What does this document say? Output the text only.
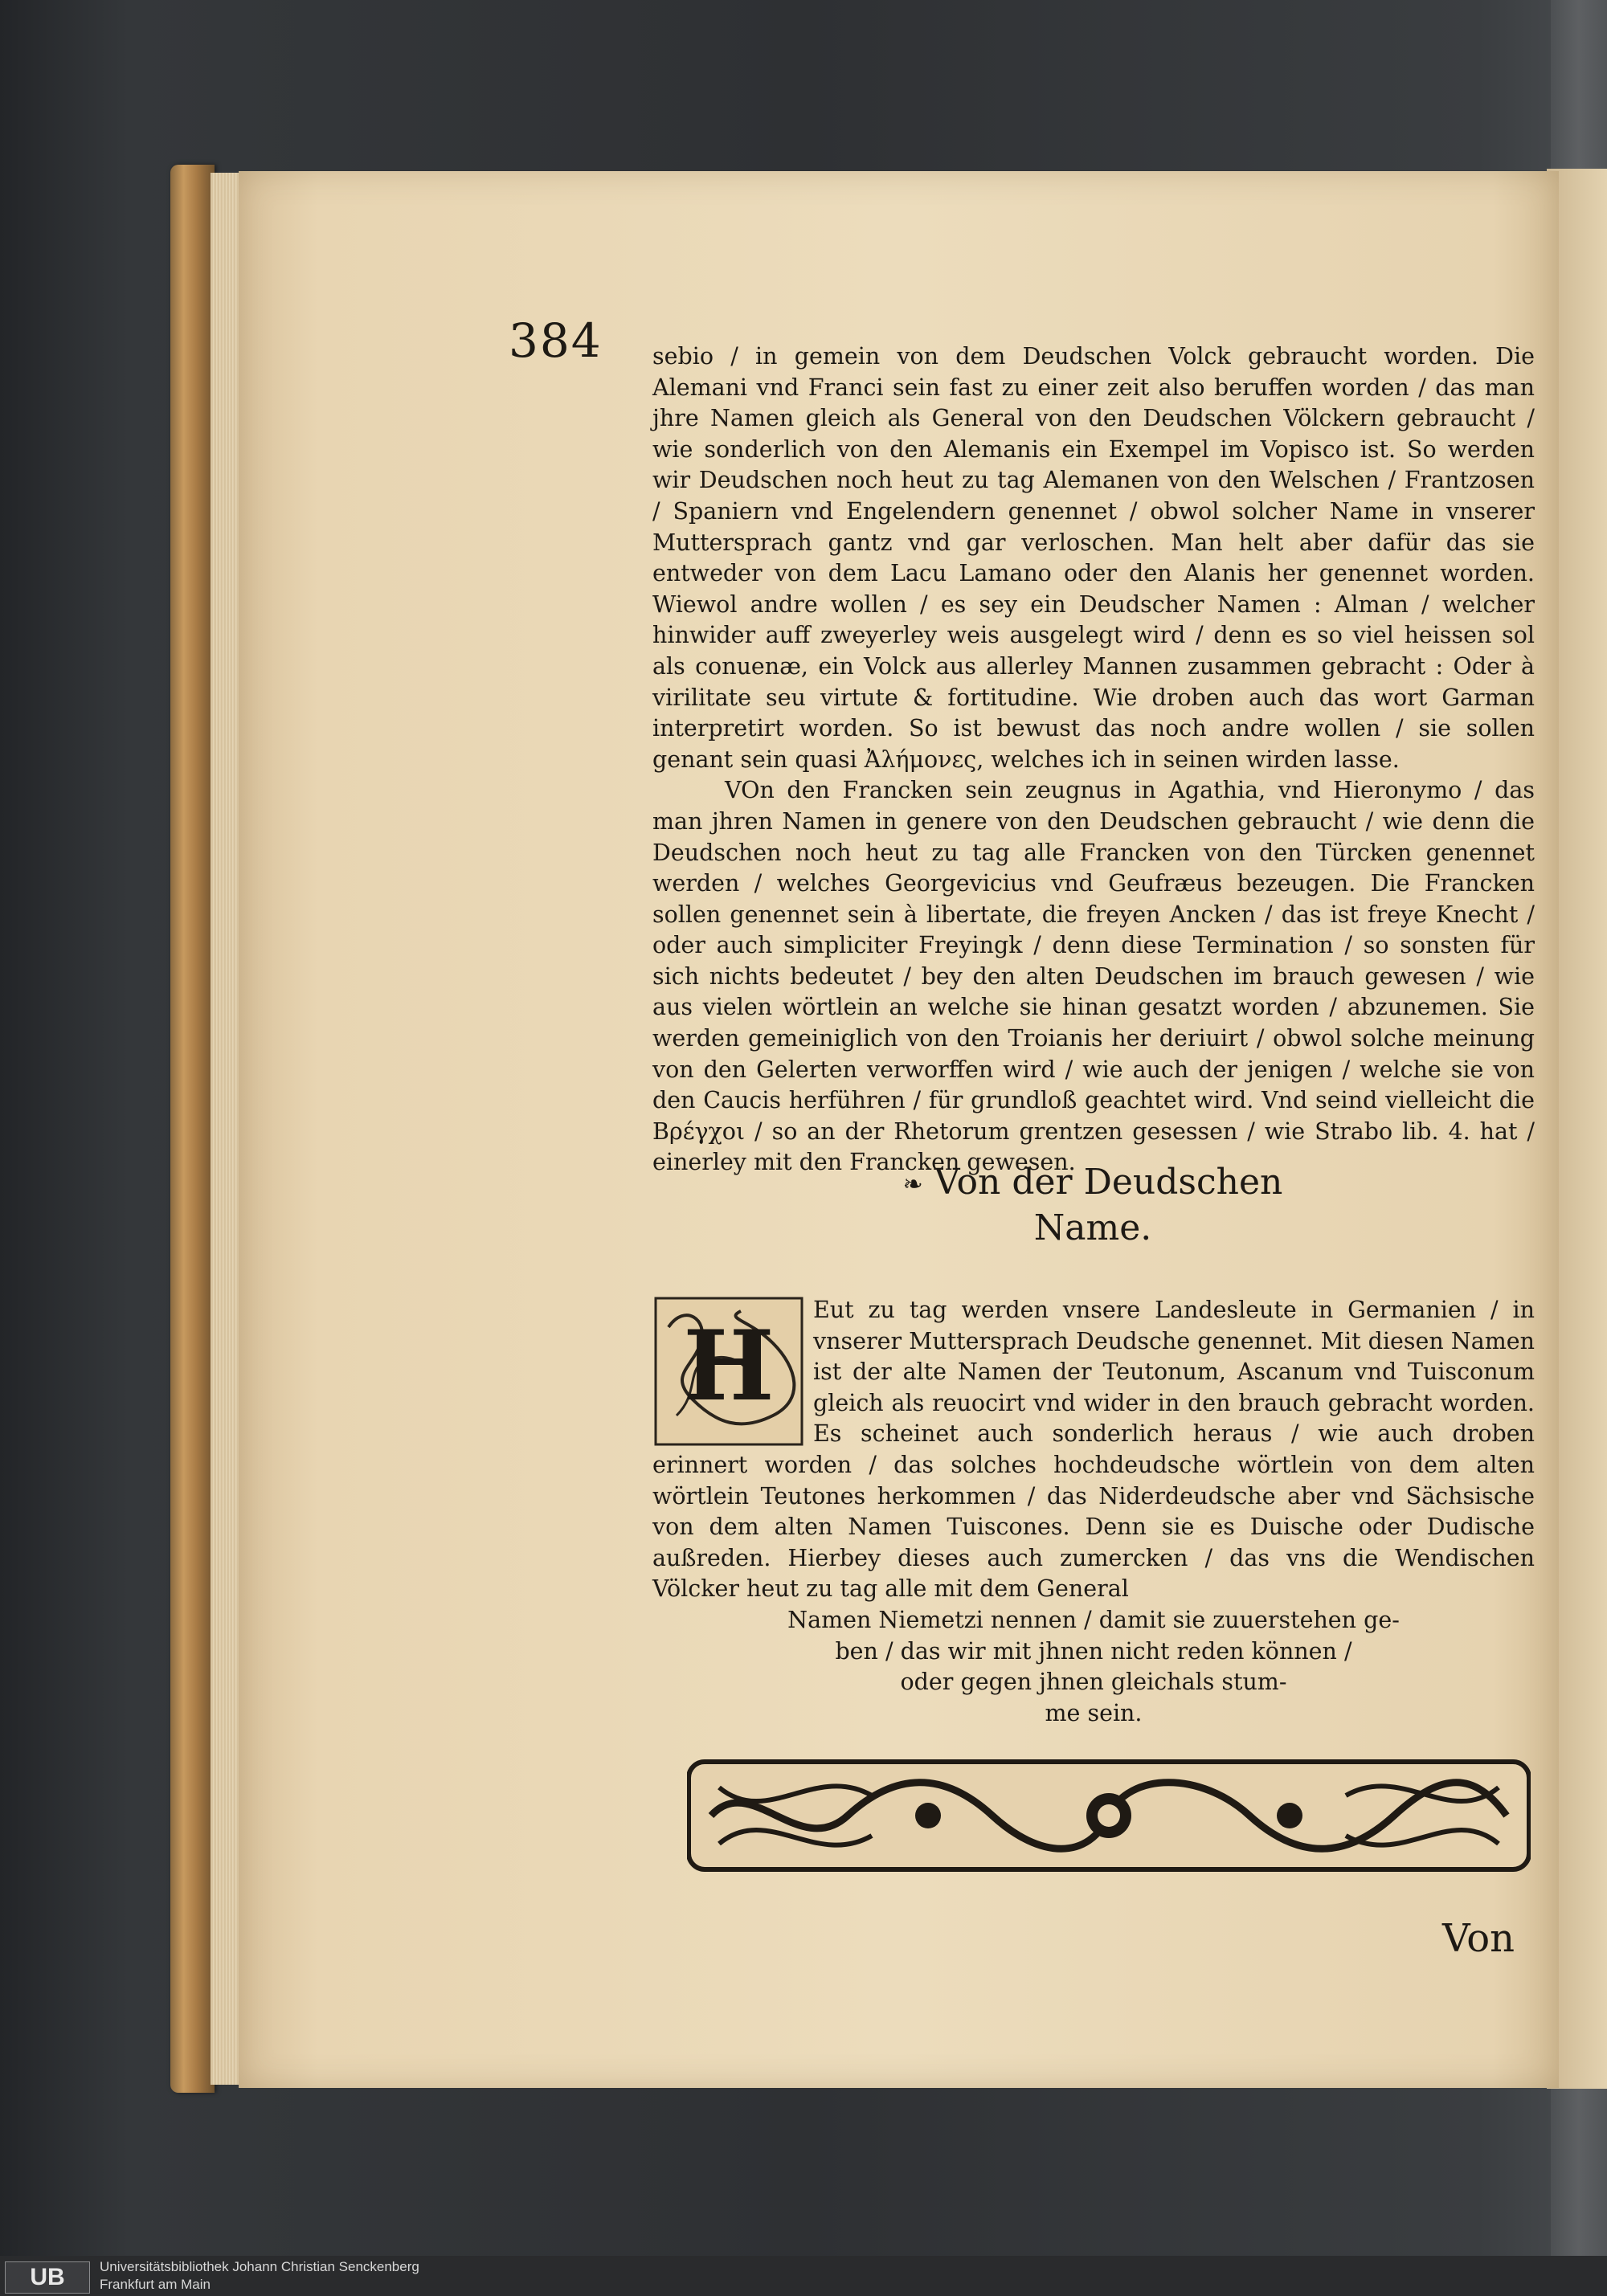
384 sebio / in gemein von dem Deudschen Volck gebraucht worden. Die Alemani vnd Franci sein fast zu einer zeit also beruffen worden / das man jhre Namen gleich als General von den Deudschen Völckern gebraucht / wie sonderlich von den Alemanis ein Exempel im Vopisco ist. So werden wir Deudschen noch heut zu tag Alemanen von den Welschen / Frantzosen / Spaniern vnd Engelendern genennet / obwol solcher Name in vnserer Muttersprach gantz vnd gar verloschen. Man helt aber dafür das sie entweder von dem Lacu Lamano oder den Alanis her genennet worden. Wiewol andre wollen / es sey ein Deudscher Namen : Alman / welcher hinwider auff zweyerley weis ausgelegt wird / denn es so viel heissen sol als conuenæ, ein Volck aus allerley Mannen zusammen gebracht : Oder à virilitate seu virtute & fortitudine. Wie droben auch das wort Garman interpretirt worden. So ist bewust das noch andre wollen / sie sollen genant sein quasi Ἀλήμονες, welches ich in seinen wirden lasse.

VOn den Francken sein zeugnus in Agathia, vnd Hieronymo / das man jhren Namen in genere von den Deudschen gebraucht / wie denn die Deudschen noch heut zu tag alle Francken von den Türcken genennet werden / welches Georgevicius vnd Geufræus bezeugen. Die Francken sollen genennet sein à libertate, die freyen Ancken / das ist freye Knecht / oder auch simpliciter Freyingk / denn diese Termination / so sonsten für sich nichts bedeutet / bey den alten Deudschen im brauch gewesen / wie aus vielen wörtlein an welche sie hinan gesatzt worden / abzunemen. Sie werden gemeiniglich von den Troianis her deriuirt / obwol solche meinung von den Gelerten verworffen wird / wie auch der jenigen / welche sie von den Caucis herführen / für grundloß geachtet wird. Vnd seind vielleicht die Βρέγχοι / so an der Rhetorum grentzen gesessen / wie Strabo lib. 4. hat / einerley mit den Francken gewesen.

❧ Von der Deudschen
Name.
H	Eut zu tag werden vnsere Landesleute in Germanien / in vnserer Muttersprach Deudsche genennet. Mit diesen Namen ist der alte Namen der Teutonum, Ascanum vnd Tuisconum gleich als reuocirt vnd wider in den brauch gebracht worden. Es scheinet auch sonderlich heraus / wie auch droben erinnert worden / das solches hochdeudsche wörtlein von dem alten wörtlein Teutones herkommen / das Niderdeudsche aber vnd Sächsische von dem alten Namen Tuiscones. Denn sie es Duische oder Dudische außreden. Hierbey dieses auch zumercken / das vns die Wendischen Völcker heut zu tag alle mit dem General

Namen Niemetzi nennen / damit sie zuuerstehen ge-

ben / das wir mit jhnen nicht reden können /

oder gegen jhnen gleichals stum-

me sein.

Von
UB	Universitätsbibliothek Johann Christian Senckenberg
Frankfurt am Main
